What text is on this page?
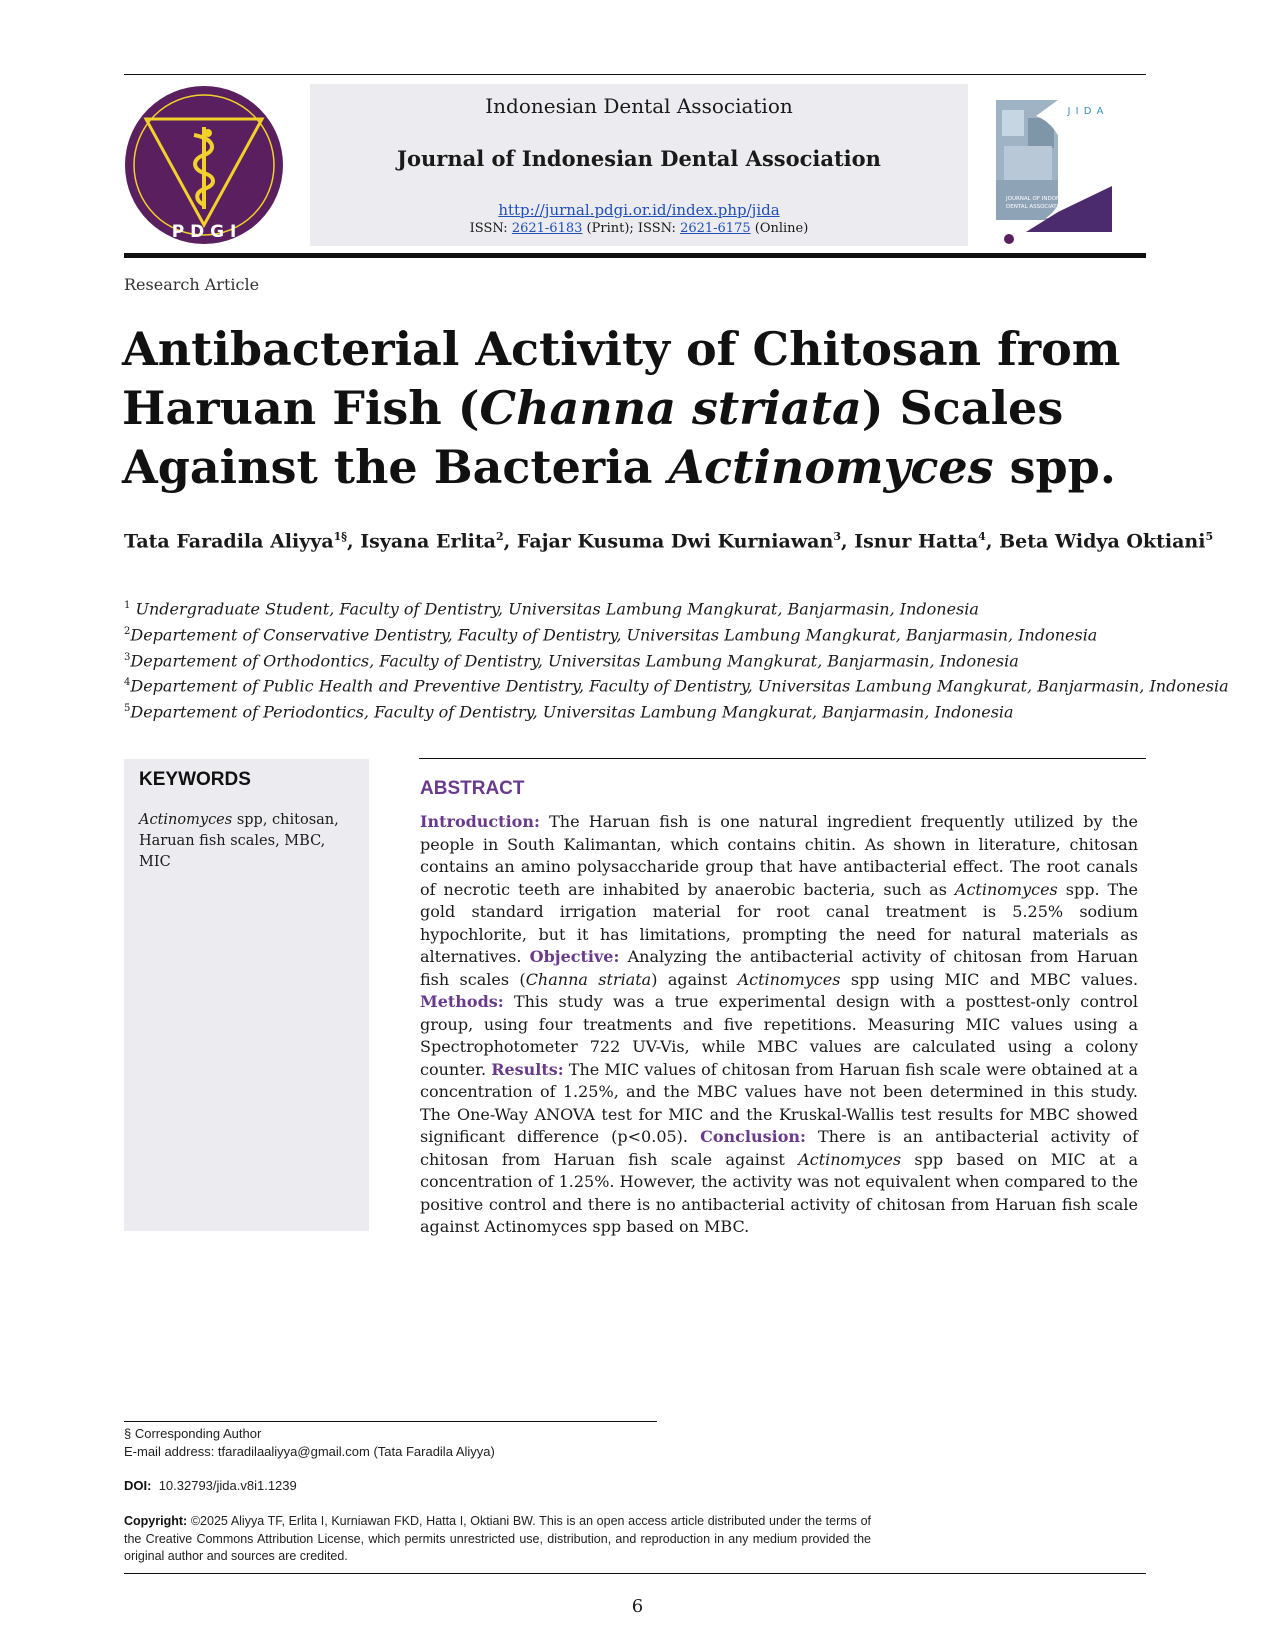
P D G I
Indonesian Dental Association
Journal of Indonesian Dental Association
http://jurnal.pdgi.or.id/index.php/jida
ISSN: 2621-6183 (Print); ISSN: 2621-6175 (Online)
J I D A
JOURNAL OF INDONESIAN
DENTAL ASSOCIATION
Research Article
Antibacterial Activity of Chitosan from
Haruan Fish (Channa striata) Scales
Against the Bacteria Actinomyces spp.
Tata Faradila Aliyya$^{1\S}$, Isyana Erlita$^2$, Fajar Kusuma Dwi Kurniawan$^3$, Isnur Hatta$^4$, Beta Widya Oktiani$^5$
$^1$ Undergraduate Student, Faculty of Dentistry, Universitas Lambung Mangkurat, Banjarmasin, Indonesia
$^2$Departement of Conservative Dentistry, Faculty of Dentistry, Universitas Lambung Mangkurat, Banjarmasin, Indonesia
$^3$Departement of Orthodontics, Faculty of Dentistry, Universitas Lambung Mangkurat, Banjarmasin, Indonesia
$^4$Departement of Public Health and Preventive Dentistry, Faculty of Dentistry, Universitas Lambung Mangkurat, Banjarmasin, Indonesia
$^5$Departement of Periodontics, Faculty of Dentistry, Universitas Lambung Mangkurat, Banjarmasin, Indonesia
KEYWORDS
Actinomyces spp, chitosan, Haruan fish scales, MBC, MIC
ABSTRACT
Introduction: The Haruan fish is one natural ingredient frequently utilized by the people in South Kalimantan, which contains chitin. As shown in literature, chitosan contains an amino polysaccharide group that have antibacterial effect. The root canals of necrotic teeth are inhabited by anaerobic bacteria, such as Actinomyces spp. The gold standard irrigation material for root canal treatment is 5.25% sodium hypochlorite, but it has limitations, prompting the need for natural materials as alternatives. Objective: Analyzing the antibacterial activity of chitosan from Haruan fish scales (Channa striata) against Actinomyces spp using MIC and MBC values. Methods: This study was a true experimental design with a posttest-only control group, using four treatments and five repetitions. Measuring MIC values using a Spectrophotometer 722 UV-Vis, while MBC values are calculated using a colony counter. Results: The MIC values of chitosan from Haruan fish scale were obtained at a concentration of 1.25%, and the MBC values have not been determined in this study. The One-Way ANOVA test for MIC and the Kruskal-Wallis test results for MBC showed significant difference (p<0.05). Conclusion: There is an antibacterial activity of chitosan from Haruan fish scale against Actinomyces spp based on MIC at a concentration of 1.25%. However, the activity was not equivalent when compared to the positive control and there is no antibacterial activity of chitosan from Haruan fish scale against Actinomyces spp based on MBC.
§ Corresponding Author
E-mail address: tfaradilaaliyya@gmail.com (Tata Faradila Aliyya)
DOI: 10.32793/jida.v8i1.1239
Copyright: ©2025 Aliyya TF, Erlita I, Kurniawan FKD, Hatta I, Oktiani BW. This is an open access article distributed under the terms of the Creative Commons Attribution License, which permits unrestricted use, distribution, and reproduction in any medium provided the original author and sources are credited.
6
